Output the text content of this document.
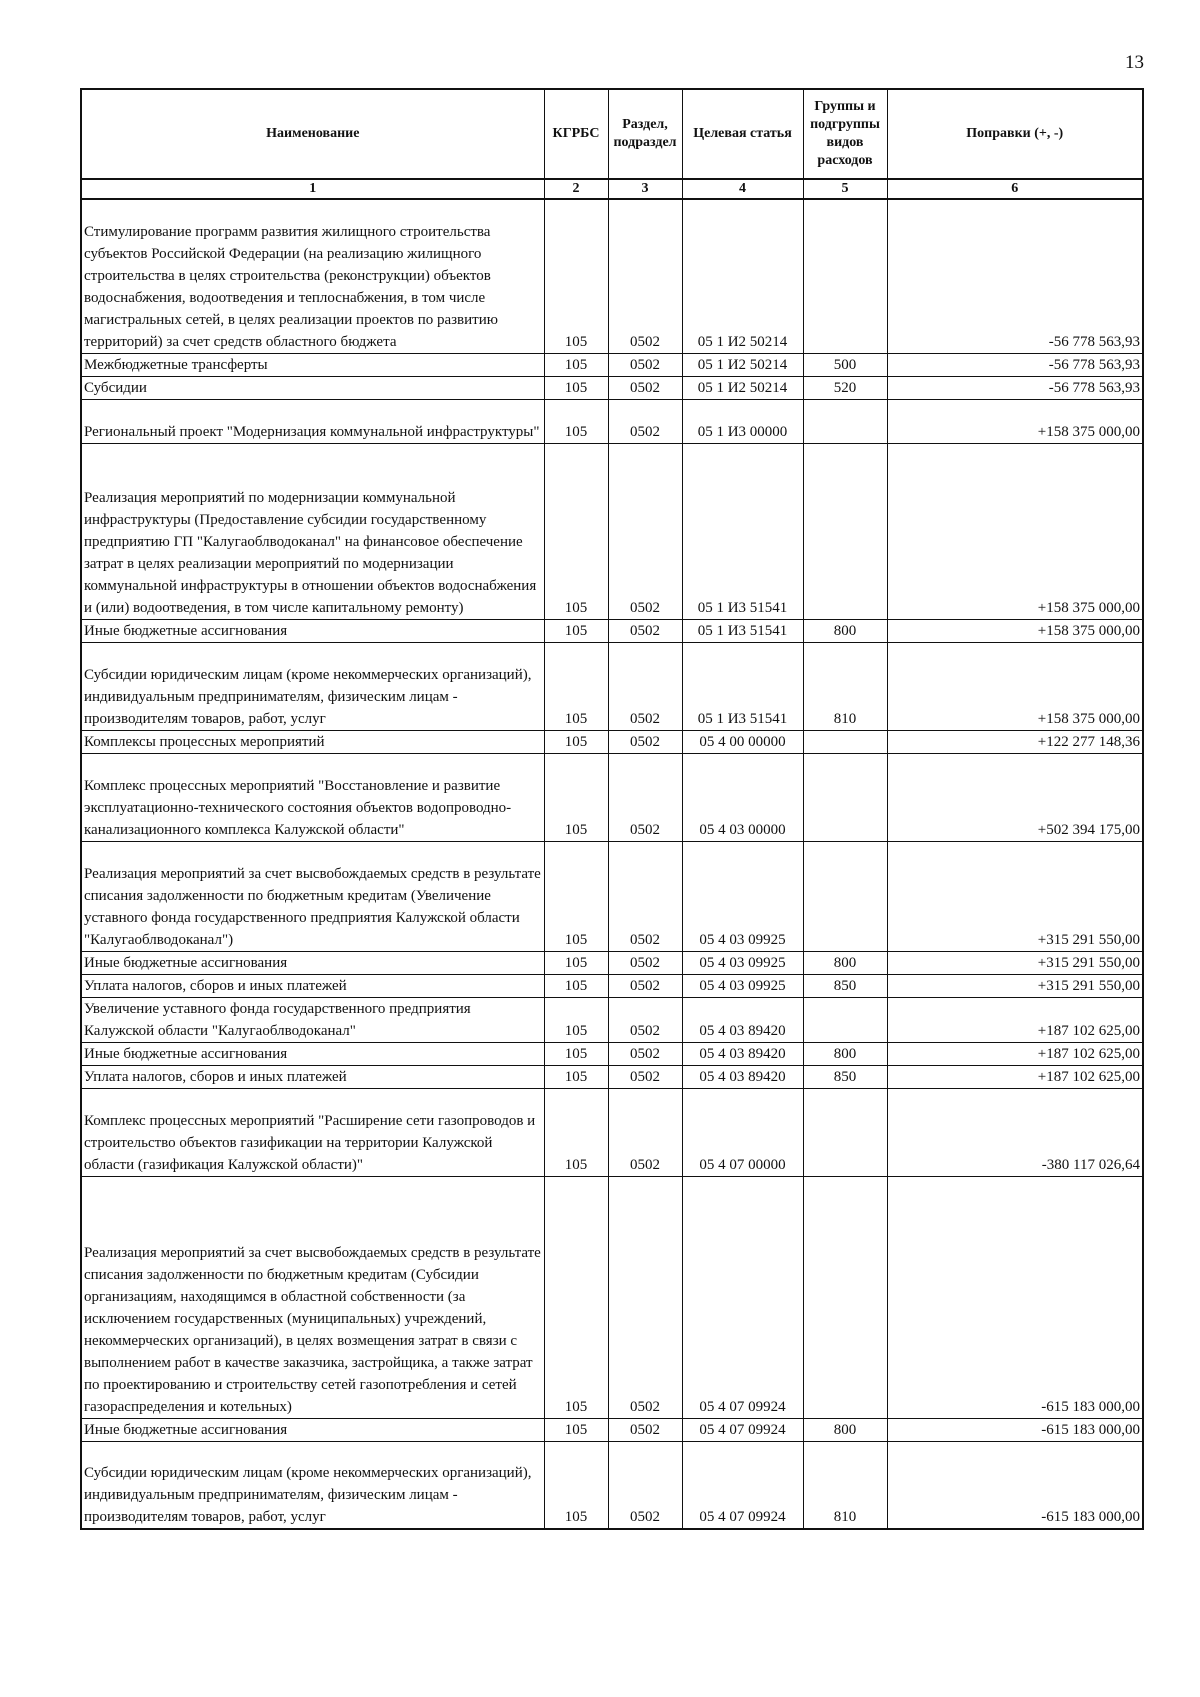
13
Наименование	КГРБС	Раздел, подраздел	Целевая статья	Группы и подгруппы видов расходов	Поправки (+, -)
1	2	3	4	5	6
Стимулирование программ развития жилищного строительства субъектов Российской Федерации (на реализацию жилищного строительства в целях строительства (реконструкции) объектов водоснабжения, водоотведения и теплоснабжения, в том числе магистральных сетей, в целях реализации проектов по развитию территорий) за счет средств областного бюджета	105	0502	05 1 И2 50214		-56 778 563,93
Межбюджетные трансферты	105	0502	05 1 И2 50214	500	-56 778 563,93
Субсидии	105	0502	05 1 И2 50214	520	-56 778 563,93
Региональный проект "Модернизация коммунальной инфраструктуры"	105	0502	05 1 И3 00000		+158 375 000,00
Реализация мероприятий по модернизации коммунальной инфраструктуры (Предоставление субсидии государственному предприятию ГП "Калугаоблводоканал" на финансовое обеспечение затрат в целях реализации мероприятий по модернизации коммунальной инфраструктуры в отношении объектов водоснабжения и (или) водоотведения, в том числе капитальному ремонту)	105	0502	05 1 И3 51541		+158 375 000,00
Иные бюджетные ассигнования	105	0502	05 1 И3 51541	800	+158 375 000,00
Субсидии юридическим лицам (кроме некоммерческих организаций), индивидуальным предпринимателям, физическим лицам - производителям товаров, работ, услуг	105	0502	05 1 И3 51541	810	+158 375 000,00
Комплексы процессных мероприятий	105	0502	05 4 00 00000		+122 277 148,36
Комплекс процессных мероприятий "Восстановление и развитие эксплуатационно-технического состояния объектов водопроводно-канализационного комплекса Калужской области"	105	0502	05 4 03 00000		+502 394 175,00
Реализация мероприятий за счет высвобождаемых средств в результате списания задолженности по бюджетным кредитам (Увеличение уставного фонда государственного предприятия Калужской области "Калугаоблводоканал")	105	0502	05 4 03 09925		+315 291 550,00
Иные бюджетные ассигнования	105	0502	05 4 03 09925	800	+315 291 550,00
Уплата налогов, сборов и иных платежей	105	0502	05 4 03 09925	850	+315 291 550,00
Увеличение уставного фонда государственного предприятия Калужской области "Калугаоблводоканал"	105	0502	05 4 03 89420		+187 102 625,00
Иные бюджетные ассигнования	105	0502	05 4 03 89420	800	+187 102 625,00
Уплата налогов, сборов и иных платежей	105	0502	05 4 03 89420	850	+187 102 625,00
Комплекс процессных мероприятий "Расширение сети газопроводов и строительство объектов газификации на территории Калужской области (газификация Калужской области)"	105	0502	05 4 07 00000		-380 117 026,64
Реализация мероприятий за счет высвобождаемых средств в результате списания задолженности по бюджетным кредитам (Субсидии организациям, находящимся в областной собственности (за исключением государственных (муниципальных) учреждений, некоммерческих организаций), в целях возмещения затрат в связи с выполнением работ в качестве заказчика, застройщика, а также затрат по проектированию и строительству сетей газопотребления и сетей газораспределения и котельных)	105	0502	05 4 07 09924		-615 183 000,00
Иные бюджетные ассигнования	105	0502	05 4 07 09924	800	-615 183 000,00
Субсидии юридическим лицам (кроме некоммерческих организаций), индивидуальным предпринимателям, физическим лицам - производителям товаров, работ, услуг	105	0502	05 4 07 09924	810	-615 183 000,00
